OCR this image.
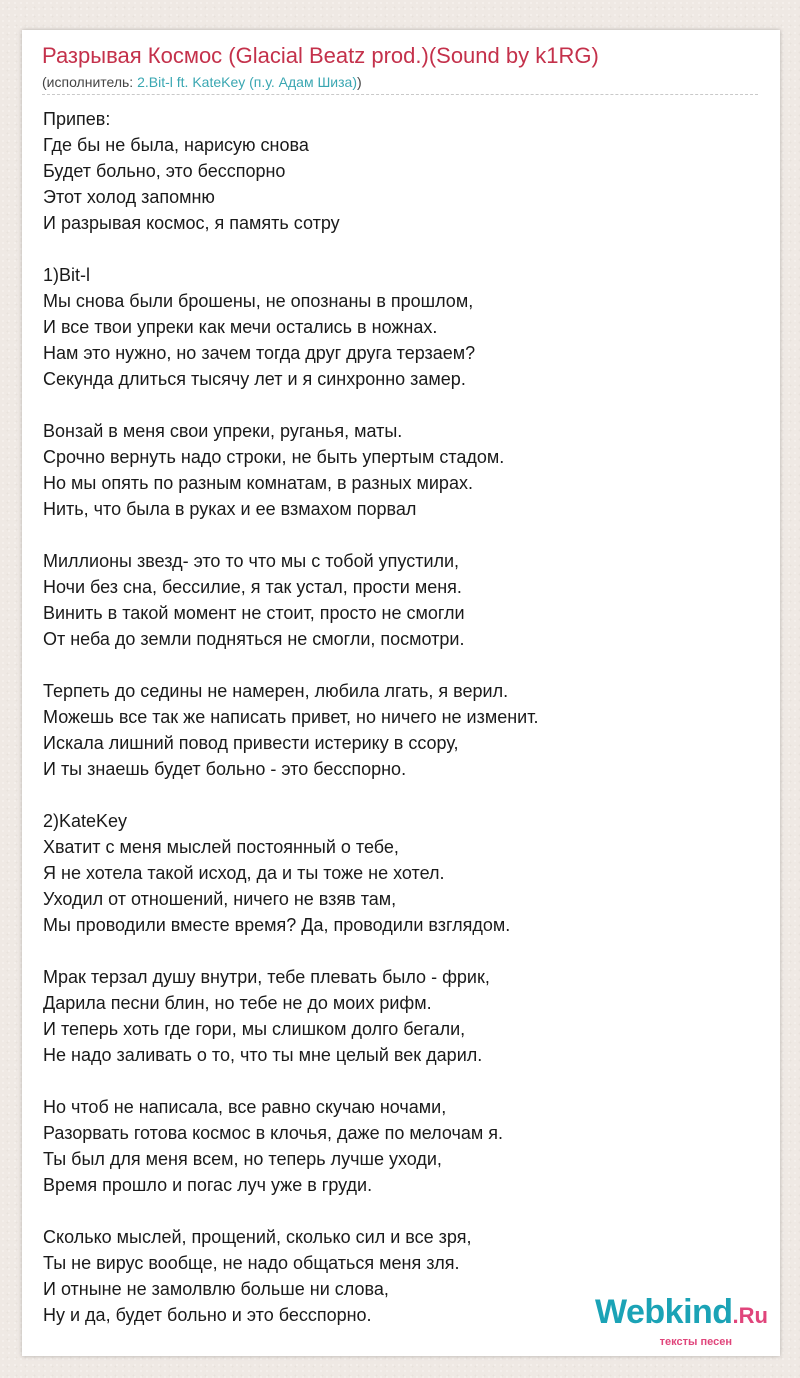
Разрывая Космос (Glacial Beatz prod.)(Sound by k1RG)
(исполнитель: 2.Bit-l ft. KateKey (п.у. Адам Шиза))
Припев:
Где бы не была, нарисую снова
Будет больно, это бесспорно
Этот холод запомню
И разрывая космос, я память сотру
1)Bit-l
Мы снова были брошены, не опознаны в прошлом,
И все твои упреки как мечи остались в ножнах.
Нам это нужно, но зачем тогда друг друга терзаем?
Секунда длиться тысячу лет и я синхронно замер.
Вонзай в меня свои упреки, руганья, маты.
Срочно вернуть надо строки, не быть упертым стадом.
Но мы опять по разным комнатам, в разных мирах.
Нить, что была в руках и ее взмахом порвал
Миллионы звезд- это то что мы с тобой упустили,
Ночи без сна, бессилие, я так устал, прости меня.
Винить в такой момент не стоит, просто не смогли
От неба до земли подняться не смогли, посмотри.
Терпеть до седины не намерен, любила лгать, я верил.
Можешь все так же написать привет, но ничего не изменит.
Искала лишний повод привести истерику в ссору,
И ты знаешь будет больно - это бесспорно.
2)KateKey
Хватит с меня мыслей постоянный о тебе,
Я не хотела такой исход, да и ты тоже не хотел.
Уходил от отношений, ничего не взяв там,
Мы проводили вместе время? Да, проводили взглядом.
Мрак терзал душу внутри, тебе плевать было - фрик,
Дарила песни блин, но тебе не до моих рифм.
И теперь хоть где гори, мы слишком долго бегали,
Не надо заливать о то, что ты мне целый век дарил.
Но чтоб не написала, все равно скучаю ночами,
Разорвать готова космос в клочья, даже по мелочам я.
Ты был для меня всем, но теперь лучше уходи,
Время прошло и погас луч уже в груди.
Сколько мыслей, прощений, сколько сил и все зря,
Ты не вирус вообще, не надо общаться меня зля.
И отныне не замолвлю больше ни слова,
Ну и да, будет больно и это бесспорно.	Webkind.Ru
тексты песен
